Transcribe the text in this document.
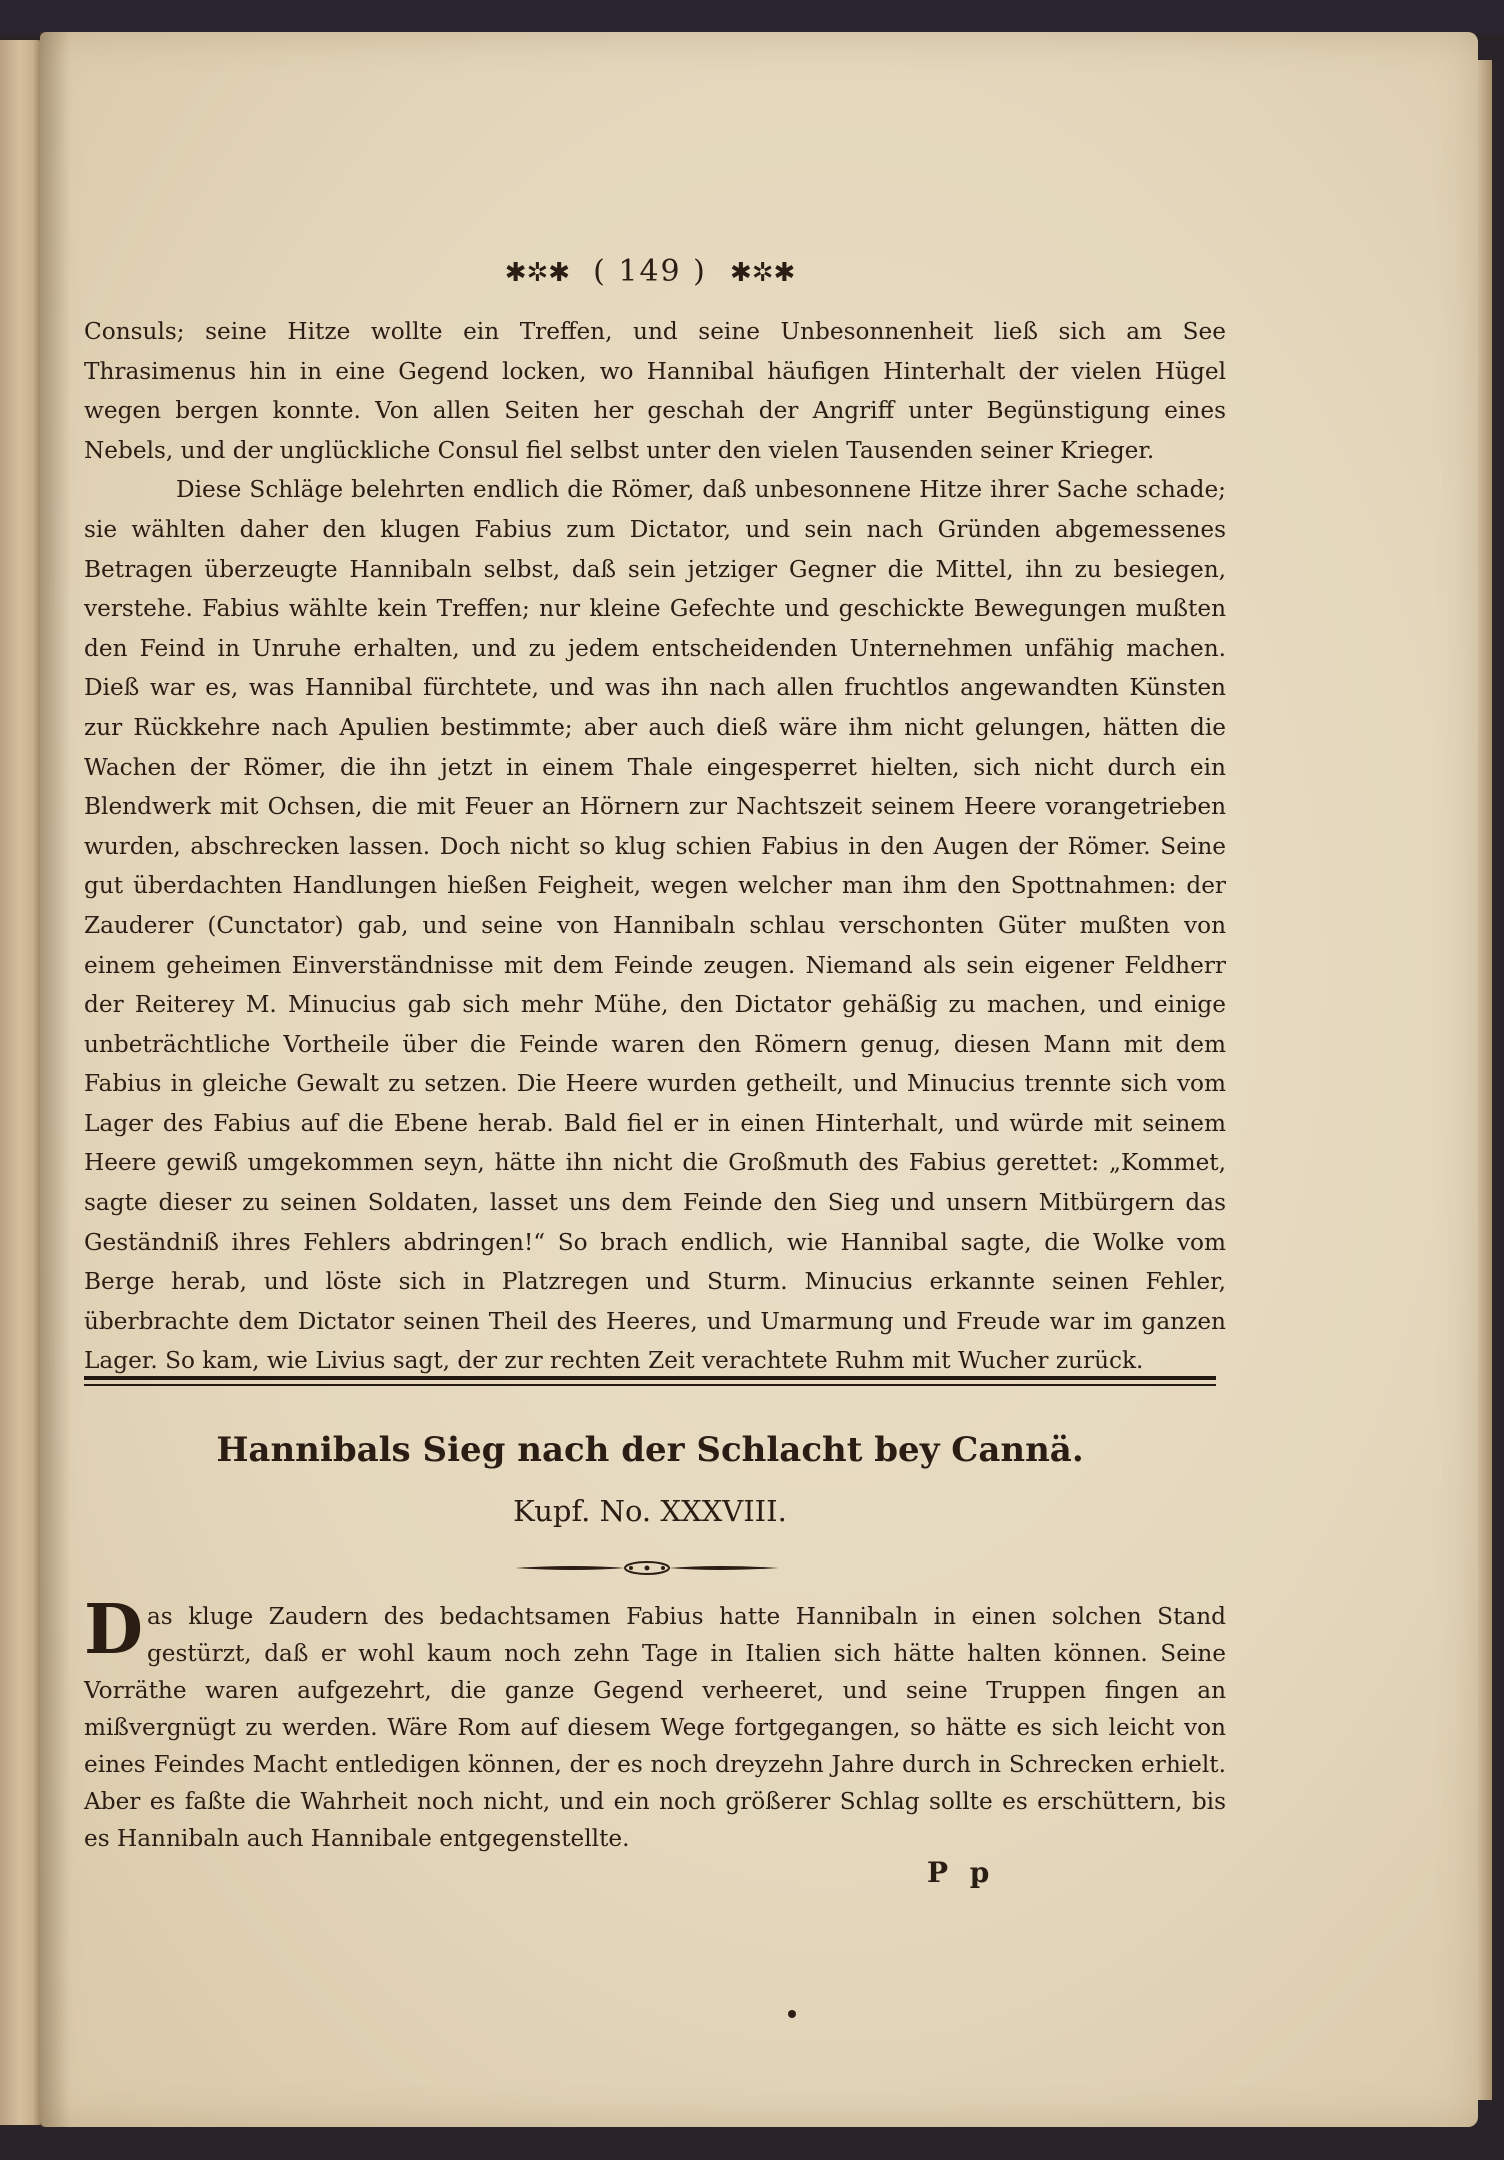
✱✲✱ ( 149 ) ✱✲✱

Consuls; seine Hitze wollte ein Treffen, und seine Unbesonnenheit ließ sich am See Thrasimenus hin in eine Gegend locken, wo Hannibal häufigen Hinterhalt der vielen Hügel wegen bergen konnte. Von allen Seiten her geschah der Angriff unter Begünstigung eines Nebels, und der unglückliche Consul fiel selbst unter den vielen Tausenden seiner Krieger.

Diese Schläge belehrten endlich die Römer, daß unbesonnene Hitze ihrer Sache schade; sie wählten daher den klugen Fabius zum Dictator, und sein nach Gründen abgemessenes Betragen überzeugte Hannibaln selbst, daß sein jetziger Gegner die Mittel, ihn zu besiegen, verstehe. Fabius wählte kein Treffen; nur kleine Gefechte und geschickte Bewegungen mußten den Feind in Unruhe erhalten, und zu jedem entscheidenden Unternehmen unfähig machen. Dieß war es, was Hannibal fürchtete, und was ihn nach allen fruchtlos angewandten Künsten zur Rückkehre nach Apulien bestimmte; aber auch dieß wäre ihm nicht gelungen, hätten die Wachen der Römer, die ihn jetzt in einem Thale eingesperret hielten, sich nicht durch ein Blendwerk mit Ochsen, die mit Feuer an Hörnern zur Nachtszeit seinem Heere vorangetrieben wurden, abschrecken lassen. Doch nicht so klug schien Fabius in den Augen der Römer. Seine gut überdachten Handlungen hießen Feigheit, wegen welcher man ihm den Spottnahmen: der Zauderer (Cunctator) gab, und seine von Hannibaln schlau verschonten Güter mußten von einem geheimen Einverständnisse mit dem Feinde zeugen. Niemand als sein eigener Feldherr der Reiterey M. Minucius gab sich mehr Mühe, den Dictator gehäßig zu machen, und einige unbeträchtliche Vortheile über die Feinde waren den Römern genug, diesen Mann mit dem Fabius in gleiche Gewalt zu setzen. Die Heere wurden getheilt, und Minucius trennte sich vom Lager des Fabius auf die Ebene herab. Bald fiel er in einen Hinterhalt, und würde mit seinem Heere gewiß umgekommen seyn, hätte ihn nicht die Großmuth des Fabius gerettet: „Kommet, sagte dieser zu seinen Soldaten, lasset uns dem Feinde den Sieg und unsern Mitbürgern das Geständniß ihres Fehlers abdringen!“ So brach endlich, wie Hannibal sagte, die Wolke vom Berge herab, und löste sich in Platzregen und Sturm. Minucius erkannte seinen Fehler, überbrachte dem Dictator seinen Theil des Heeres, und Umarmung und Freude war im ganzen Lager. So kam, wie Livius sagt, der zur rechten Zeit verachtete Ruhm mit Wucher zurück.

Hannibals Sieg nach der Schlacht bey Cannä.
Kupf. No. XXXVIII.
D as kluge Zaudern des bedachtsamen Fabius hatte Hannibaln in einen solchen Stand gestürzt, daß er wohl kaum noch zehn Tage in Italien sich hätte halten können. Seine Vorräthe waren aufgezehrt, die ganze Gegend verheeret, und seine Truppen fingen an mißvergnügt zu werden. Wäre Rom auf diesem Wege fortgegangen, so hätte es sich leicht von eines Feindes Macht entledigen können, der es noch dreyzehn Jahre durch in Schrecken erhielt. Aber es faßte die Wahrheit noch nicht, und ein noch größerer Schlag sollte es erschüttern, bis es Hannibaln auch Hannibale entgegenstellte.
P p
